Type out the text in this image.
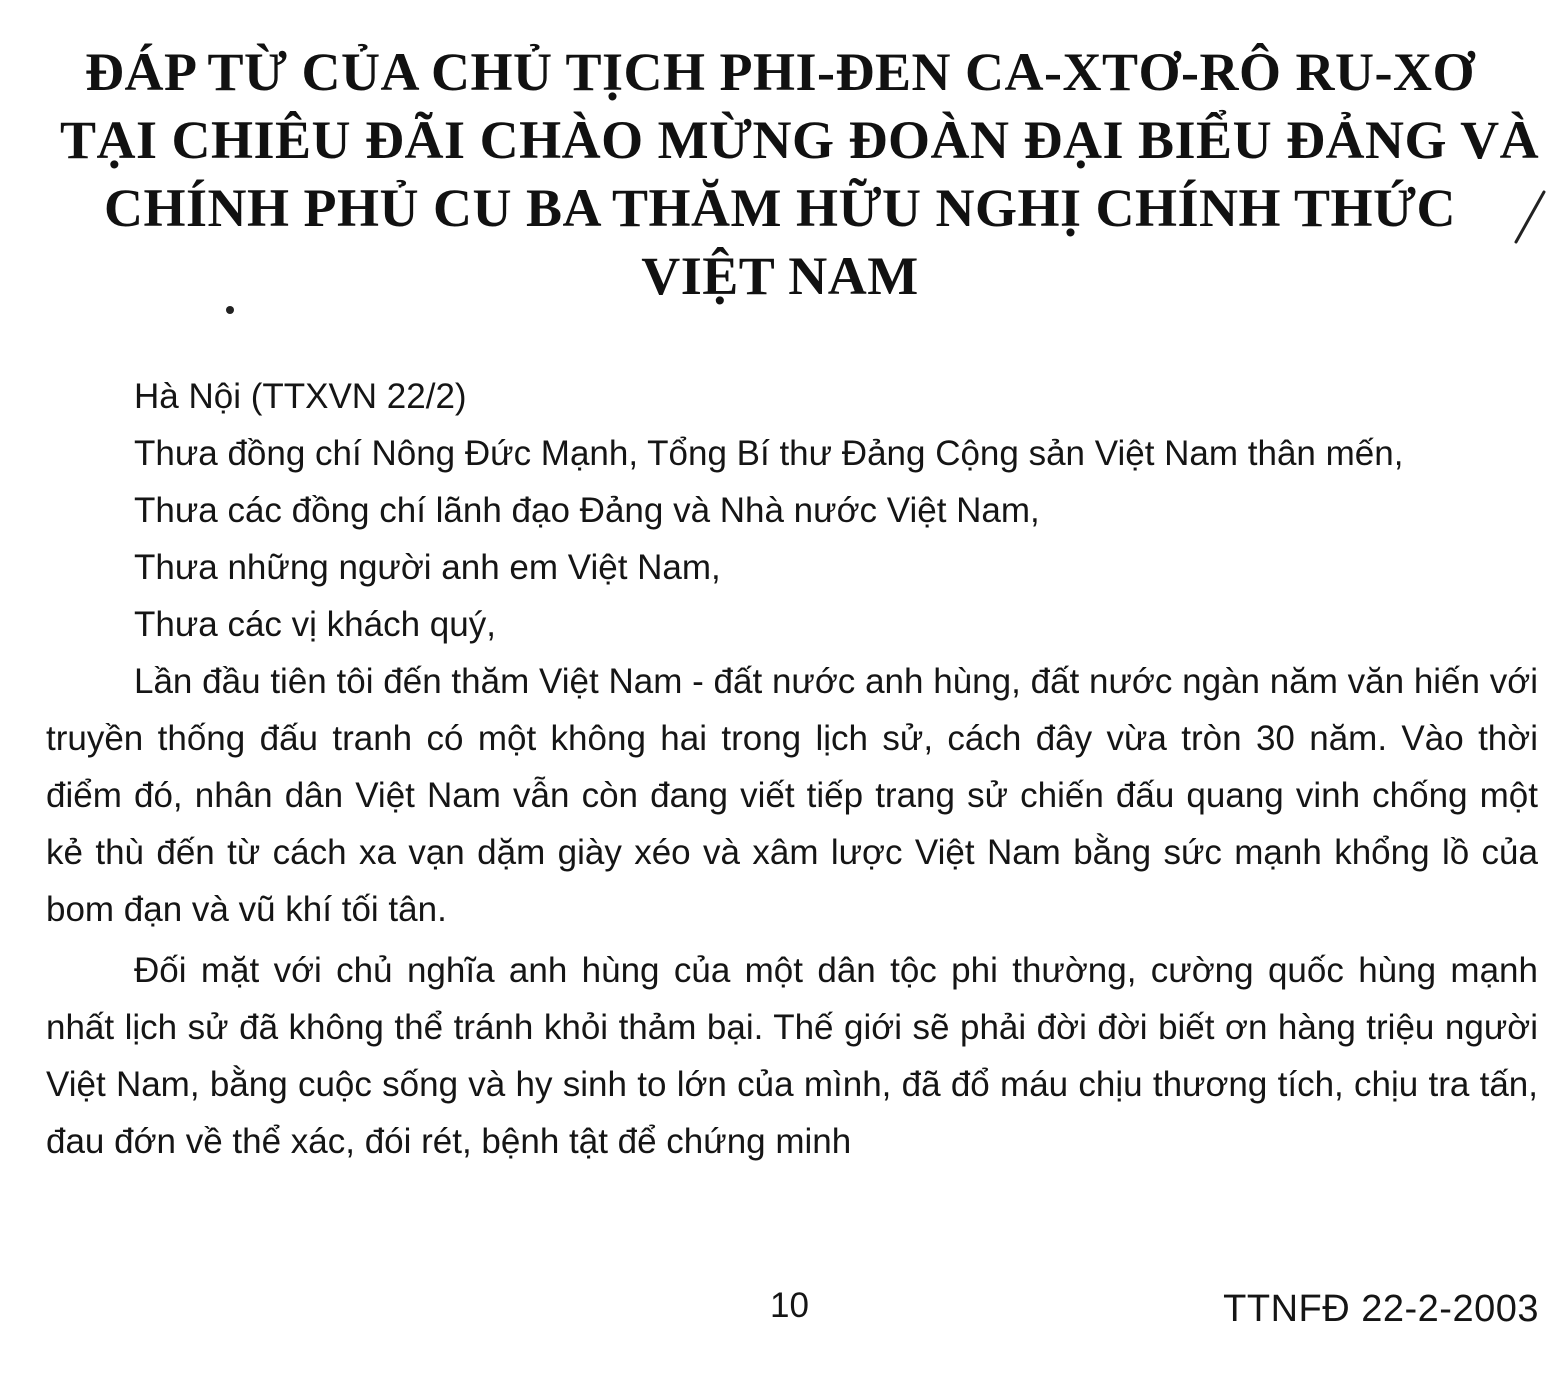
ĐÁP TỪ CỦA CHỦ TỊCH PHI-ĐEN CA-XTƠ-RÔ RU-XƠ
TẠI CHIÊU ĐÃI CHÀO MỪNG ĐOÀN ĐẠI BIỂU ĐẢNG VÀ
CHÍNH PHỦ CU BA THĂM HỮU NGHỊ CHÍNH THỨC
VIỆT NAM

Hà Nội (TTXVN 22/2)

Thưa đồng chí Nông Đức Mạnh, Tổng Bí thư Đảng Cộng sản Việt Nam thân mến,

Thưa các đồng chí lãnh đạo Đảng và Nhà nước Việt Nam,

Thưa những người anh em Việt Nam,

Thưa các vị khách quý,

Lần đầu tiên tôi đến thăm Việt Nam - đất nước anh hùng, đất nước ngàn năm văn hiến với truyền thống đấu tranh có một không hai trong lịch sử, cách đây vừa tròn 30 năm. Vào thời điểm đó, nhân dân Việt Nam vẫn còn đang viết tiếp trang sử chiến đấu quang vinh chống một kẻ thù đến từ cách xa vạn dặm giày xéo và xâm lược Việt Nam bằng sức mạnh khổng lồ của bom đạn và vũ khí tối tân.

Đối mặt với chủ nghĩa anh hùng của một dân tộc phi thường, cường quốc hùng mạnh nhất lịch sử đã không thể tránh khỏi thảm bại. Thế giới sẽ phải đời đời biết ơn hàng triệu người Việt Nam, bằng cuộc sống và hy sinh to lớn của mình, đã đổ máu chịu thương tích, chịu tra tấn, đau đớn về thể xác, đói rét, bệnh tật để chứng minh

10	TTNFĐ 22-2-2003
